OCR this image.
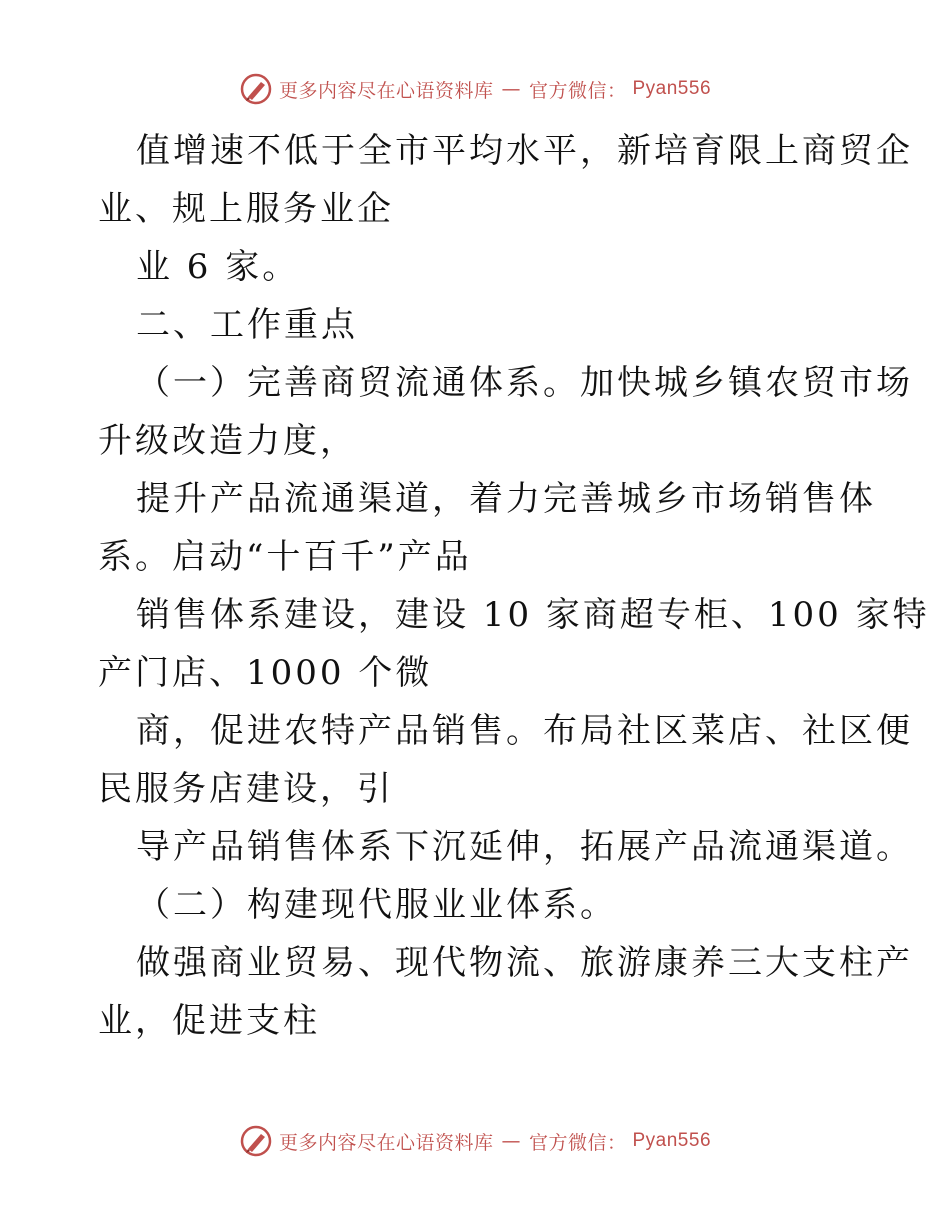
更多内容尽在心语资料库 — 官方微信： Pyan556
值增速不低于全市平均水平，新培育限上商贸企
业、规上服务业企
业 6 家。
二、工作重点
（一）完善商贸流通体系。加快城乡镇农贸市场
升级改造力度，
提升产品流通渠道，着力完善城乡市场销售体
系。启动“十百千”产品
销售体系建设，建设 10 家商超专柜、100 家特
产门店、1000 个微
商，促进农特产品销售。布局社区菜店、社区便
民服务店建设，引
导产品销售体系下沉延伸，拓展产品流通渠道。
（二）构建现代服业业体系。
做强商业贸易、现代物流、旅游康养三大支柱产
业，促进支柱
更多内容尽在心语资料库 — 官方微信： Pyan556
